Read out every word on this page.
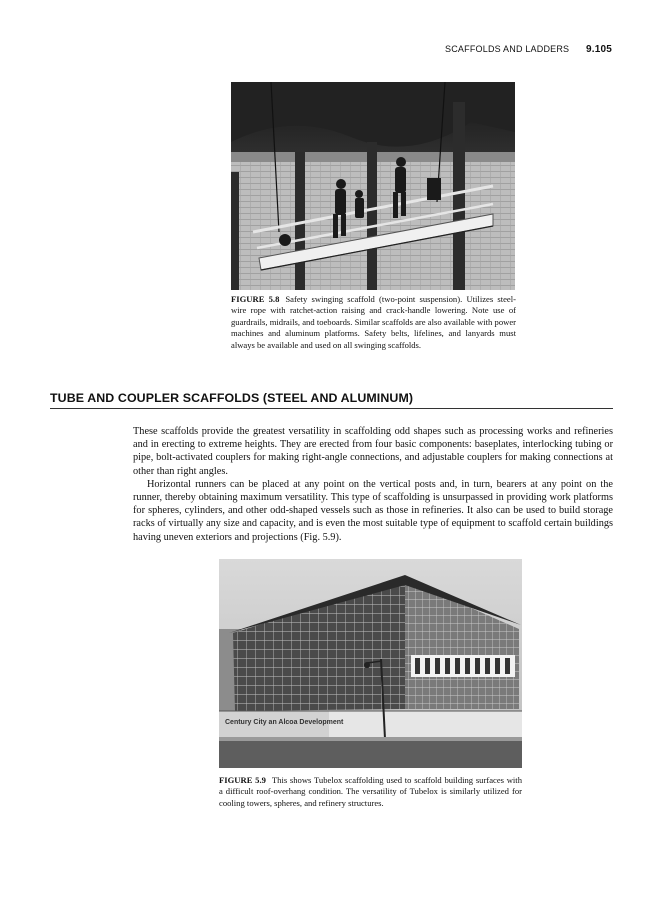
SCAFFOLDS AND LADDERS 9.105
FIGURE 5.8 Safety swinging scaffold (two-point suspension). Utilizes steel-wire rope with ratchet-action raising and crack-handle lowering. Note use of guardrails, midrails, and toeboards. Similar scaffolds are also available with power machines and aluminum platforms. Safety belts, lifelines, and lanyards must always be available and used on all swinging scaffolds.
TUBE AND COUPLER SCAFFOLDS (STEEL AND ALUMINUM)

These scaffolds provide the greatest versatility in scaffolding odd shapes such as processing works and refineries and in erecting to extreme heights. They are erected from four basic components: baseplates, interlocking tubing or pipe, bolt-activated couplers for making right-angle connections, and adjustable couplers for making connections at other than right angles.

Horizontal runners can be placed at any point on the vertical posts and, in turn, bearers at any point on the runner, thereby obtaining maximum versatility. This type of scaffolding is unsurpassed in providing work platforms for spheres, cylinders, and other odd-shaped vessels such as those in refineries. It also can be used to build storage racks of virtually any size and capacity, and is even the most suitable type of equipment to scaffold certain buildings having uneven exteriors and projections (Fig. 5.9).

Century City an Alcoa Development
FIGURE 5.9 This shows Tubelox scaffolding used to scaffold building surfaces with a difficult roof-overhang condition. The versatility of Tubelox is similarly utilized for cooling towers, spheres, and refinery structures.
